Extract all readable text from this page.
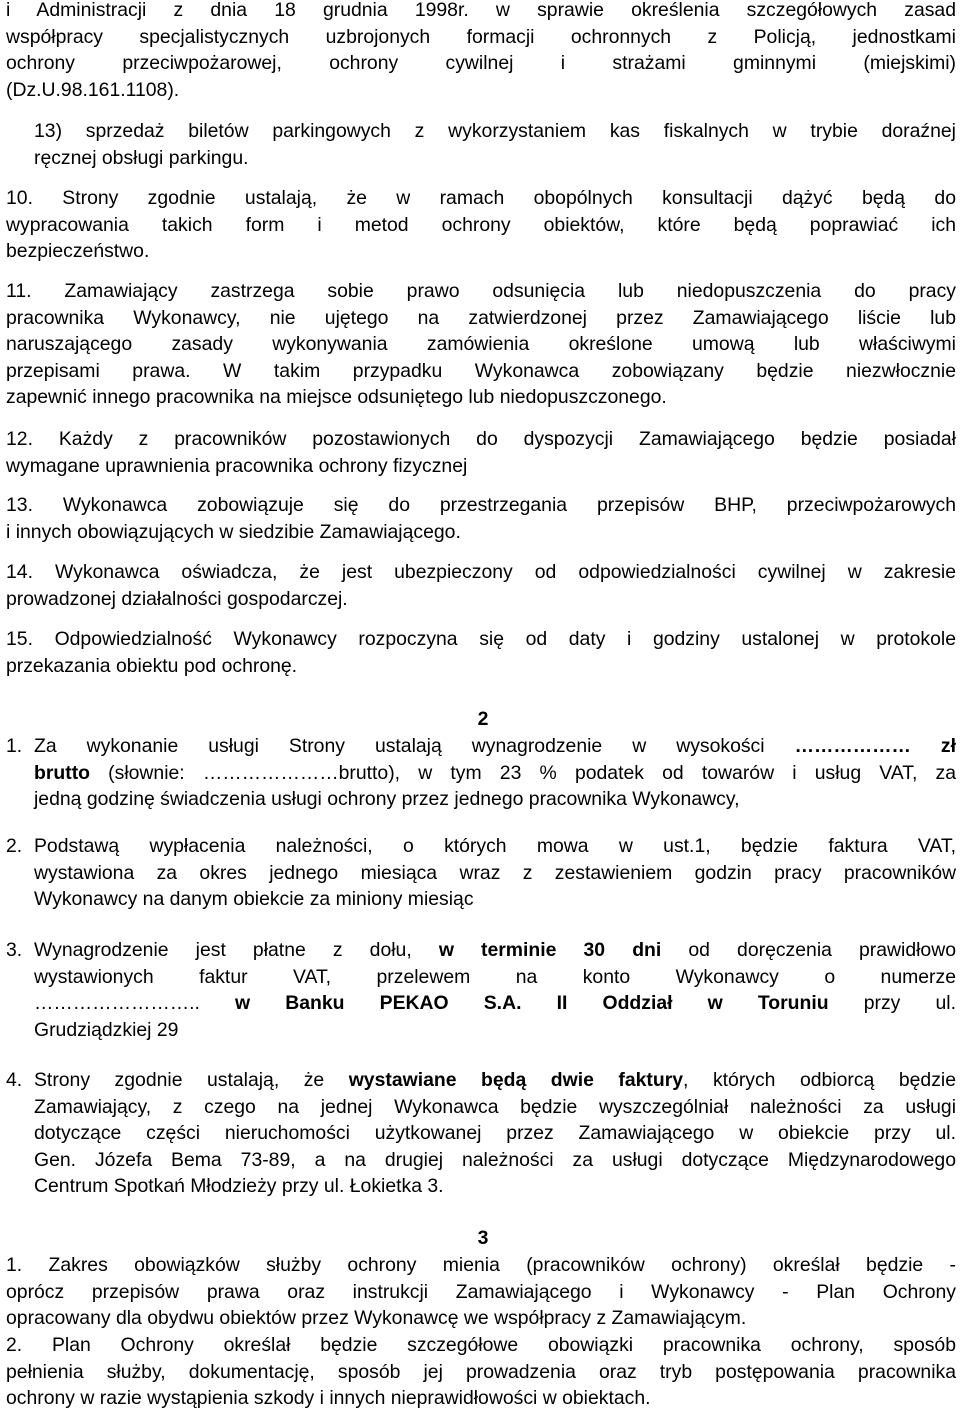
i Administracji z dnia 18 grudnia 1998r. w sprawie określenia szczegółowych zasad
współpracy specjalistycznych uzbrojonych formacji ochronnych z Policją, jednostkami
ochrony przeciwpożarowej, ochrony cywilnej i strażami gminnymi (miejskimi)
(Dz.U.98.161.1108).
13) sprzedaż biletów parkingowych z wykorzystaniem kas fiskalnych w trybie doraźnej
ręcznej obsługi parkingu.
10. Strony zgodnie ustalają, że w ramach obopólnych konsultacji dążyć będą do
wypracowania takich form i metod ochrony obiektów, które będą poprawiać ich
bezpieczeństwo.
11. Zamawiający zastrzega sobie prawo odsunięcia lub niedopuszczenia do pracy
pracownika Wykonawcy, nie ujętego na zatwierdzonej przez Zamawiającego liście lub
naruszającego zasady wykonywania zamówienia określone umową lub właściwymi
przepisami prawa. W takim przypadku Wykonawca zobowiązany będzie niezwłocznie
zapewnić innego pracownika na miejsce odsuniętego lub niedopuszczonego.
12. Każdy z pracowników pozostawionych do dyspozycji Zamawiającego będzie posiadał
wymagane uprawnienia pracownika ochrony fizycznej
13. Wykonawca zobowiązuje się do przestrzegania przepisów BHP, przeciwpożarowych
i innych obowiązujących w siedzibie Zamawiającego.
14. Wykonawca oświadcza, że jest ubezpieczony od odpowiedzialności cywilnej w zakresie
prowadzonej działalności gospodarczej.
15. Odpowiedzialność Wykonawcy rozpoczyna się od daty i godziny ustalonej w protokole
przekazania obiektu pod ochronę.
2
1. Za wykonanie usługi Strony ustalają wynagrodzenie w wysokości ……………… zł
brutto (słownie: …………………brutto), w tym 23 % podatek od towarów i usług VAT, za
jedną godzinę świadczenia usługi ochrony przez jednego pracownika Wykonawcy,
2. Podstawą wypłacenia należności, o których mowa w ust.1, będzie faktura VAT,
wystawiona za okres jednego miesiąca wraz z zestawieniem godzin pracy pracowników
Wykonawcy na danym obiekcie za miniony miesiąc
3. Wynagrodzenie jest płatne z dołu, w terminie 30 dni od doręczenia prawidłowo
wystawionych faktur VAT, przelewem na konto Wykonawcy o numerze
…………………….. w Banku PEKAO S.A. II Oddział w Toruniu przy ul.
Grudziądzkiej 29
4. Strony zgodnie ustalają, że wystawiane będą dwie faktury, których odbiorcą będzie
Zamawiający, z czego na jednej Wykonawca będzie wyszczególniał należności za usługi
dotyczące części nieruchomości użytkowanej przez Zamawiającego w obiekcie przy ul.
Gen. Józefa Bema 73-89, a na drugiej należności za usługi dotyczące Międzynarodowego
Centrum Spotkań Młodzieży przy ul. Łokietka 3.
3
1. Zakres obowiązków służby ochrony mienia (pracowników ochrony) określał będzie -
oprócz przepisów prawa oraz instrukcji Zamawiającego i Wykonawcy - Plan Ochrony
opracowany dla obydwu obiektów przez Wykonawcę we współpracy z Zamawiającym.
2. Plan Ochrony określał będzie szczegółowe obowiązki pracownika ochrony, sposób
pełnienia służby, dokumentację, sposób jej prowadzenia oraz tryb postępowania pracownika
ochrony w razie wystąpienia szkody i innych nieprawidłowości w obiektach.
